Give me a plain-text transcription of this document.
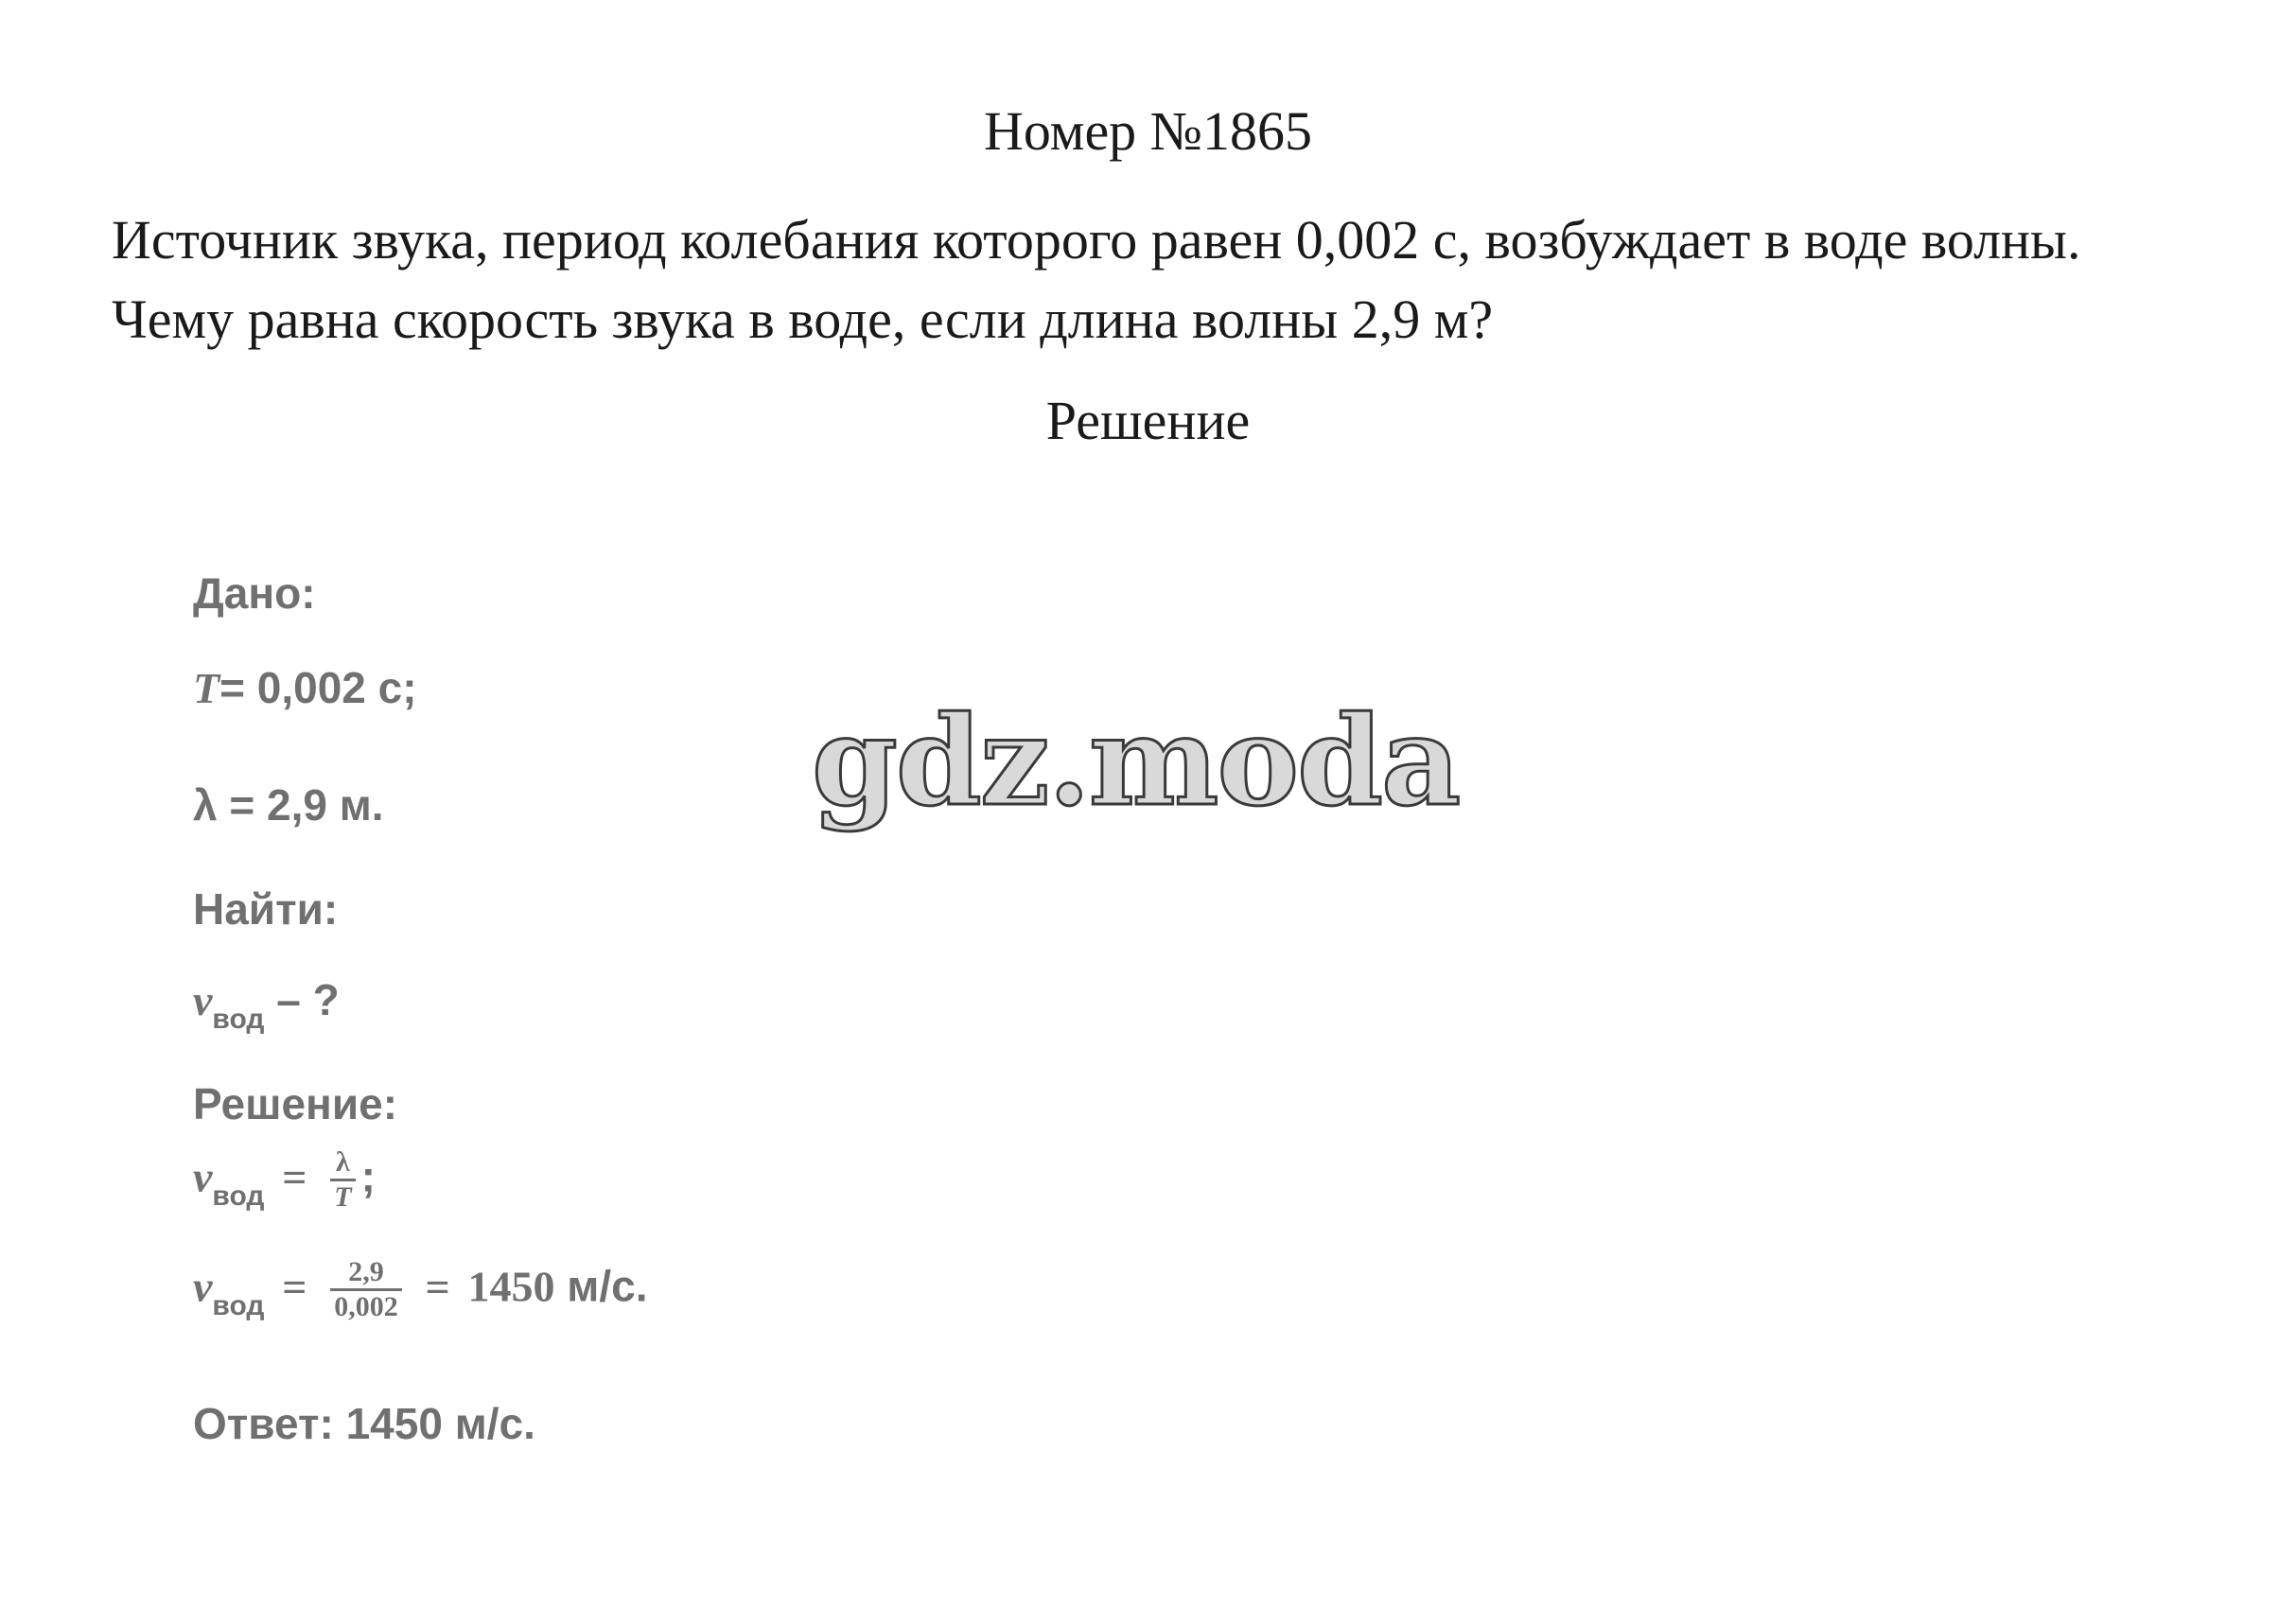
Номер №1865
Источник звука, период колебания которого равен 0,002 с, возбуждает в воде волны.
Чему равна скорость звука в воде, если длина волны 2,9 м?
Решение
Дано:
T= 0,002 с;
λ = 2,9 м.
Найти:
$v_{вод}$ – ?
Решение:
$v_{вод} = \frac{\lambda}{T}$ ;
$v_{вод} = \frac{2,9}{0,002} = 1450$ м/с.
Ответ: 1450 м/с.
gdz.moda
